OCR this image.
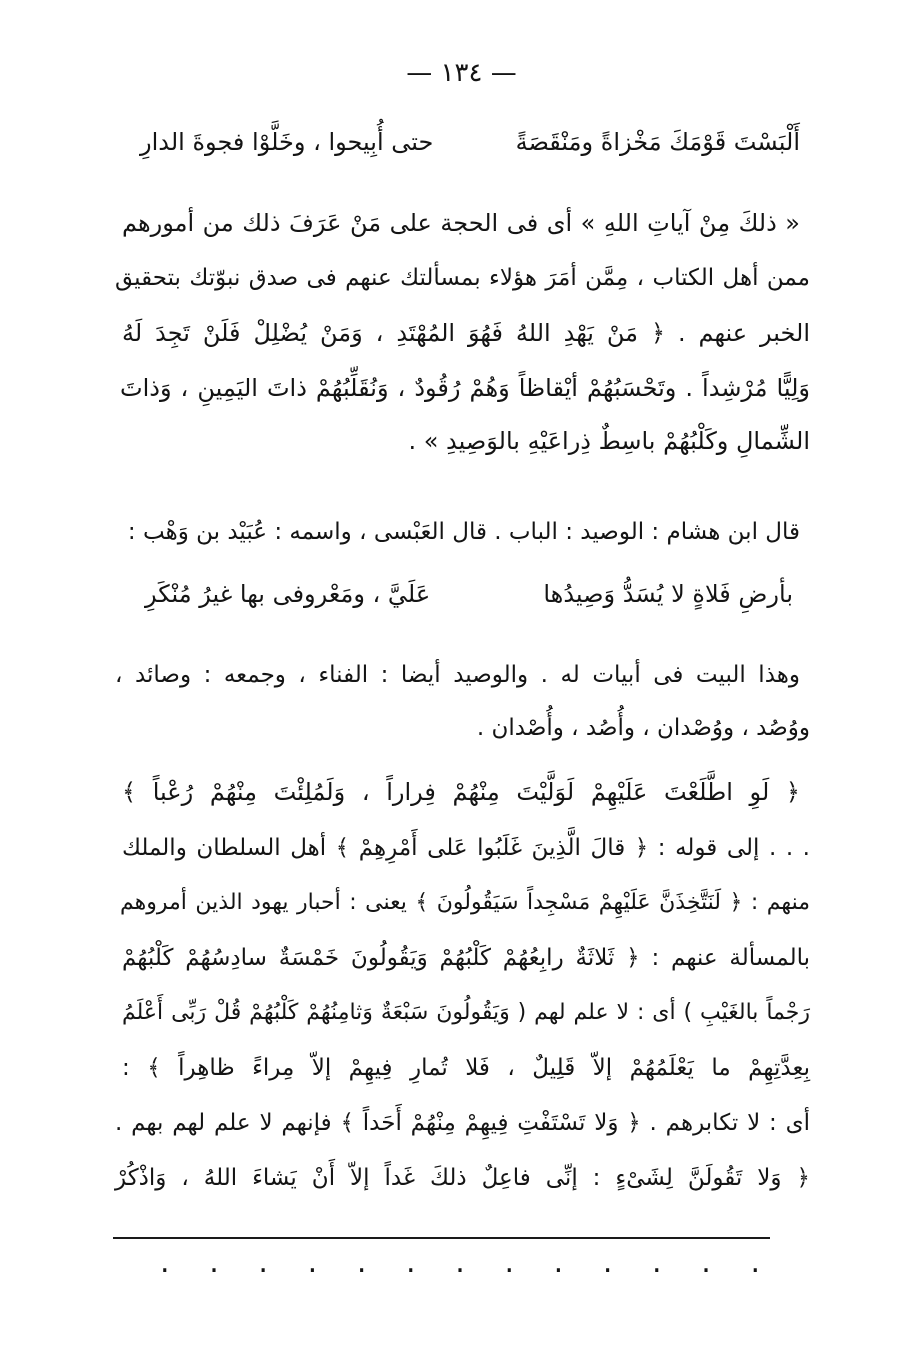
— ١٣٤ —
أَلْبَسْتَ قَوْمَكَ مَخْزاةً ومَنْقَصَةً
حتى أُبِيحوا ، وخَلَّوْا فجوةَ الدارِ
« ذلكَ مِنْ آياتِ اللهِ » أى فى الحجة على مَنْ عَرَفَ ذلك من أمورهم
ممن أهل الكتاب ، مِمَّن أمَرَ هؤلاء بمسألتك عنهم فى صدق نبوّتك بتحقيق
الخبر عنهم . ﴿ مَنْ يَهْدِ اللهُ فَهُوَ المُهْتَدِ ، وَمَنْ يُضْلِلْ فَلَنْ تَجِدَ لَهُ
وَلِيًّا مُرْشِداً . وتَحْسَبُهُمْ أيْقاظاً وَهُمْ رُقُودٌ ، وَنُقَلِّبُهُمْ ذاتَ اليَمِينِ ، وَذاتَ
الشِّمالِ وكَلْبُهُمْ باسِطٌ ذِراعَيْهِ بالوَصِيدِ » .
قال ابن هشام : الوصيد : الباب . قال العَبْسى ، واسمه : عُبَيْد بن وَهْب :
بأرضِ فَلاةٍ لا يُسَدُّ وَصِيدُها
عَلَيَّ ، ومَعْروفى بها غيرُ مُنْكَرِ
وهذا البيت فى أبيات له . والوصيد أيضا : الفناء ، وجمعه : وصائد ،
ووُصُد ، ووُصْدان ، وأُصُد ، وأُصْدان .
﴿ لَوِ اطَّلَعْتَ عَلَيْهِمْ لَوَلَّيْتَ مِنْهُمْ فِراراً ، وَلَمُلِئْتَ مِنْهُمْ رُعْباً ﴾
. . . إلى قوله : ﴿ قالَ الَّذِينَ غَلَبُوا عَلى أَمْرِهِمْ ﴾ أهل السلطان والملك
منهم : ﴿ لَنَتَّخِذَنَّ عَلَيْهِمْ مَسْجِداً سَيَقُولُونَ ﴾ يعنى : أحبار يهود الذين أمروهم
بالمسألة عنهم : ﴿ ثَلاثَةٌ رابِعُهُمْ كَلْبُهُمْ وَيَقُولُونَ خَمْسَةٌ سادِسُهُمْ كَلْبُهُمْ
رَجْماً بالغَيْبِ ) أى : لا علم لهم ( وَيَقُولُونَ سَبْعَةٌ وَثامِنُهُمْ كَلْبُهُمْ قُلْ رَبِّى أَعْلَمُ
بِعِدَّتِهِمْ ما يَعْلَمُهُمْ إلاّ قَلِيلٌ ، فَلا تُمارِ فِيهِمْ إلاّ مِراءً ظاهِراً ﴾ :
أى : لا تكابرهم . ﴿ وَلا تَسْتَفْتِ فِيهِمْ مِنْهُمْ أَحَداً ﴾ فإنهم لا علم لهم بهم .
﴿ وَلا تَقُولَنَّ لِشَىْءٍ : إنِّى فاعِلٌ ذلكَ غَداً إلاّ أَنْ يَشاءَ اللهُ ، وَاذْكُرْ
.
.
.
.
.
.
.
.
.
.
.
.
.
